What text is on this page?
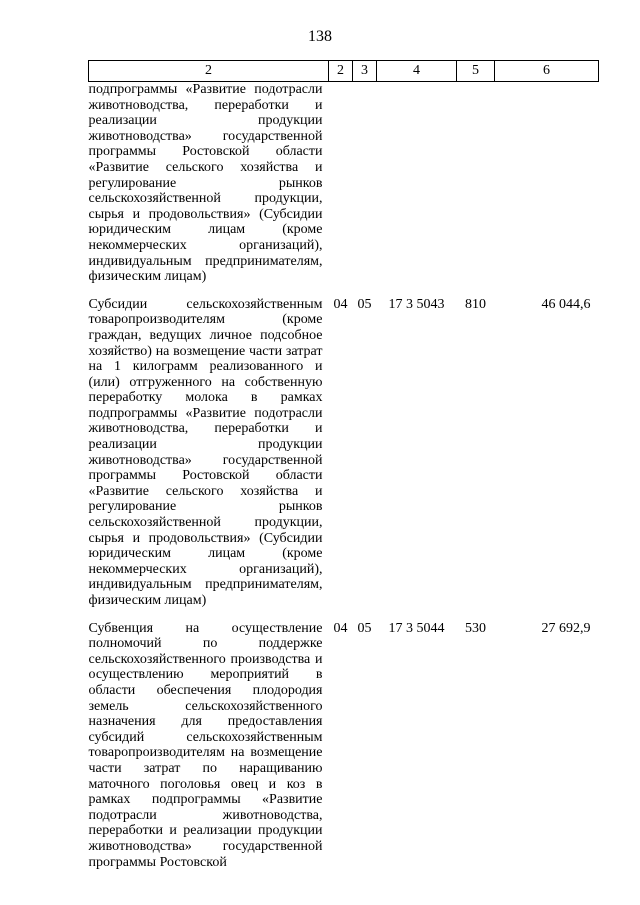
138
2	2	3	4	5	6
подпрограммы «Развитие подотрасли животноводства, переработки и реализации продукции животноводства» государственной программы Ростовской области «Развитие сельского хозяйства и регулирование рынков сельскохозяйственной продукции, сырья и продовольствия» (Субсидии юридическим лицам (кроме некоммерческих организаций), индивидуальным предпринимателям, физическим лицам)					

Субсидии сельскохозяйственным товаропроизводителям (кроме граждан, ведущих личное подсобное хозяйство) на возмещение части затрат на 1 килограмм реализованного и (или) отгруженного на собственную переработку молока в рамках подпрограммы «Развитие подотрасли животноводства, переработки и реализации продукции животноводства» государственной программы Ростовской области «Развитие сельского хозяйства и регулирование рынков сельскохозяйственной продукции, сырья и продовольствия» (Субсидии юридическим лицам (кроме некоммерческих организаций), индивидуальным предпринимателям, физическим лицам)	04	05	17 3 5043	810	46 044,6

Субвенция на осуществление полномочий по поддержке сельскохозяйственного производства и осуществлению мероприятий в области обеспечения плодородия земель сельскохозяйственного назначения для предоставления субсидий сельскохозяйственным товаропроизводителям на возмещение части затрат по наращиванию маточного поголовья овец и коз в рамках подпрограммы «Развитие подотрасли животноводства, переработки и реализации продукции животноводства» государственной программы Ростовской	04	05	17 3 5044	530	27 692,9
